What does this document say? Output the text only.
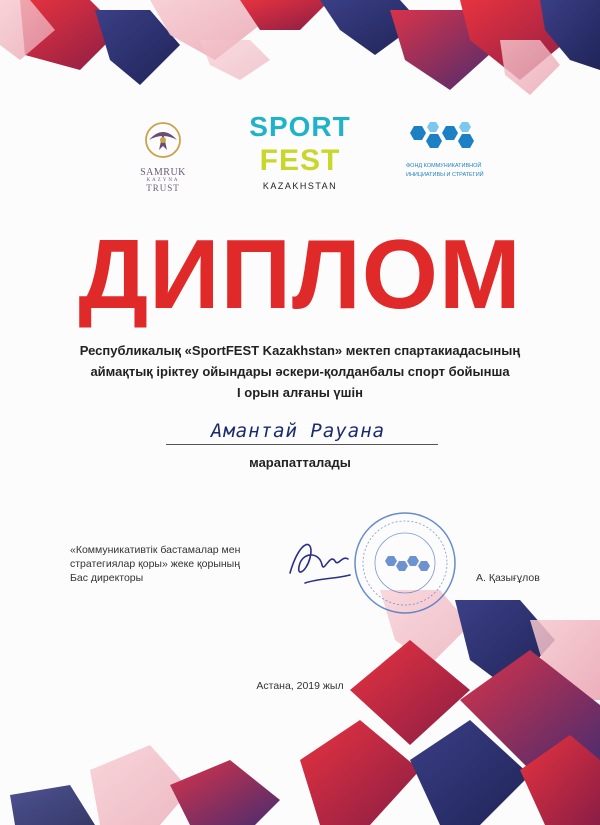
SAMRUK
KAZYNA
TRUST
SPORT
FEST
KAZAKHSTAN
ФОНД КОММУНИКАТИВНОЙ
ИНИЦИАТИВЫ И СТРАТЕГИЙ
ДИПЛОМ
Республикалық «SportFEST Kazakhstan» мектеп спартакиадасының
аймақтық іріктеу ойындары әскери-қолданбалы спорт бойынша
I орын алғаны үшін
Амантай Рауана
марапатталады
«Коммуникативтік бастамалар мен
стратегиялар қоры» жеке қорының
Бас директоры	А. Қазығұлов
Астана, 2019 жыл
